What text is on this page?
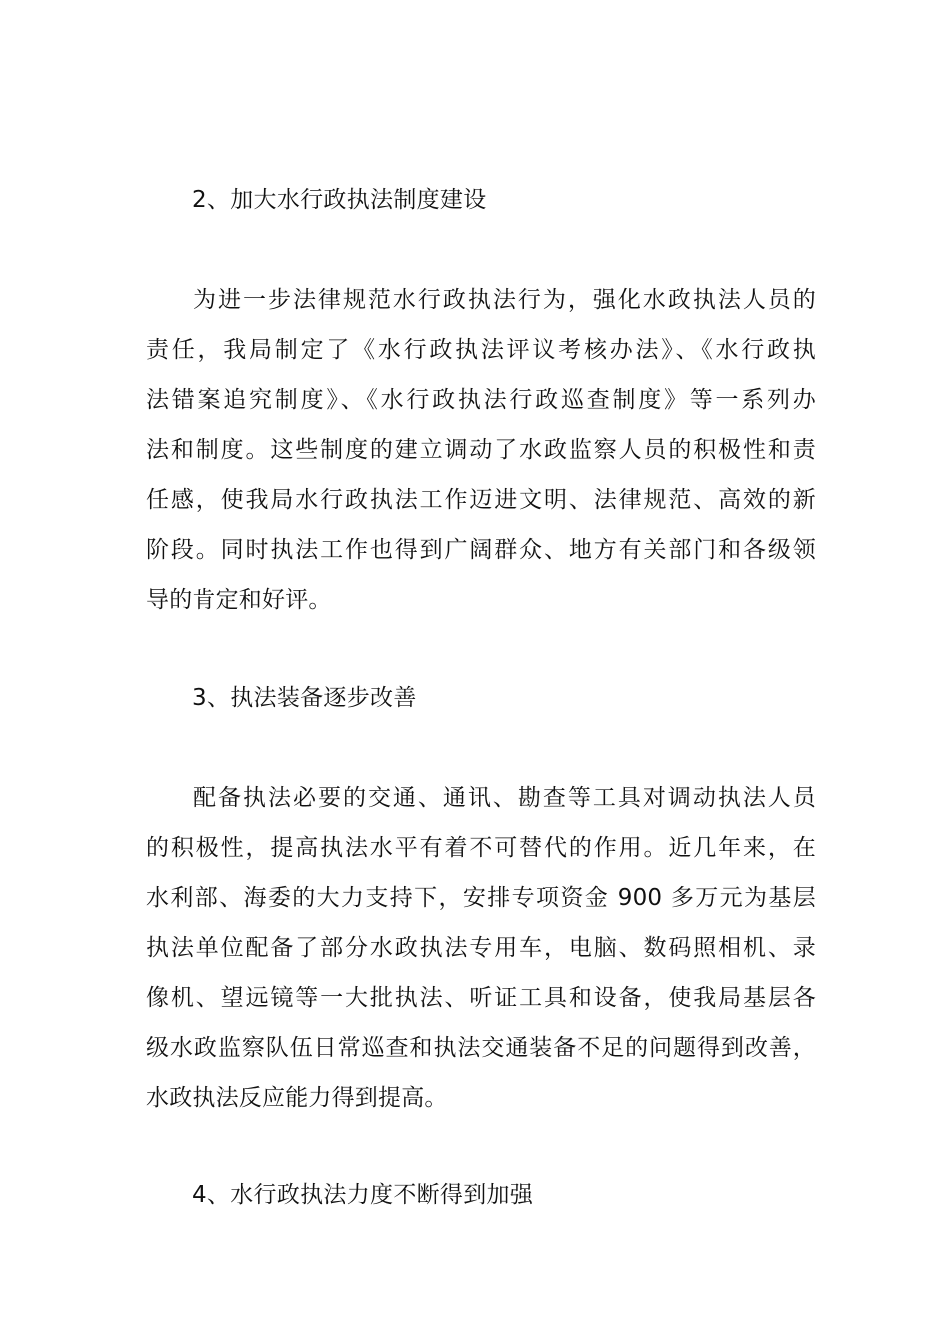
2、加大水行政执法制度建设
为进一步法律规范水行政执法行为，强化水政执法人员的
责任，我局制定了《水行政执法评议考核办法》、《水行政执
法错案追究制度》、《水行政执法行政巡查制度》等一系列办
法和制度。这些制度的建立调动了水政监察人员的积极性和责
任感，使我局水行政执法工作迈进文明、法律规范、高效的新
阶段。同时执法工作也得到广阔群众、地方有关部门和各级领
导的肯定和好评。
3、执法装备逐步改善
配备执法必要的交通、通讯、勘查等工具对调动执法人员
的积极性，提高执法水平有着不可替代的作用。近几年来，在
水利部、海委的大力支持下，安排专项资金 900 多万元为基层
执法单位配备了部分水政执法专用车，电脑、数码照相机、录
像机、望远镜等一大批执法、听证工具和设备，使我局基层各
级水政监察队伍日常巡查和执法交通装备不足的问题得到改善，
水政执法反应能力得到提高。
4、水行政执法力度不断得到加强
